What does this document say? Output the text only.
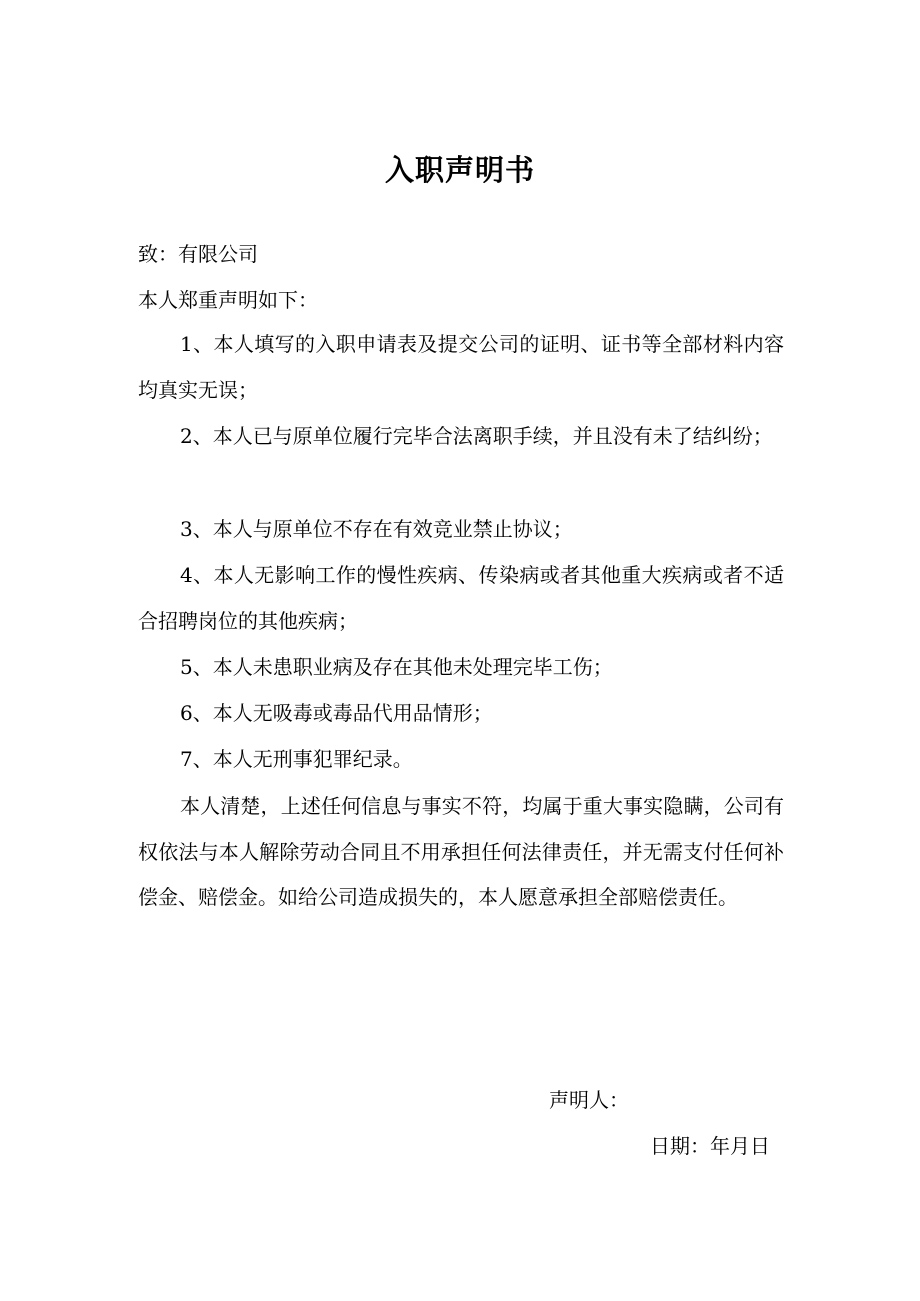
入职声明书
致：有限公司
本人郑重声明如下：
1、本人填写的入职申请表及提交公司的证明、证书等全部材料内容均真实无误；
2、本人已与原单位履行完毕合法离职手续，并且没有未了结纠纷；
3、本人与原单位不存在有效竞业禁止协议；
4、本人无影响工作的慢性疾病、传染病或者其他重大疾病或者不适合招聘岗位的其他疾病；
5、本人未患职业病及存在其他未处理完毕工伤；
6、本人无吸毒或毒品代用品情形；
7、本人无刑事犯罪纪录。
本人清楚，上述任何信息与事实不符，均属于重大事实隐瞒，公司有权依法与本人解除劳动合同且不用承担任何法律责任，并无需支付任何补偿金、赔偿金。如给公司造成损失的，本人愿意承担全部赔偿责任。
声明人：
日期：年月日
